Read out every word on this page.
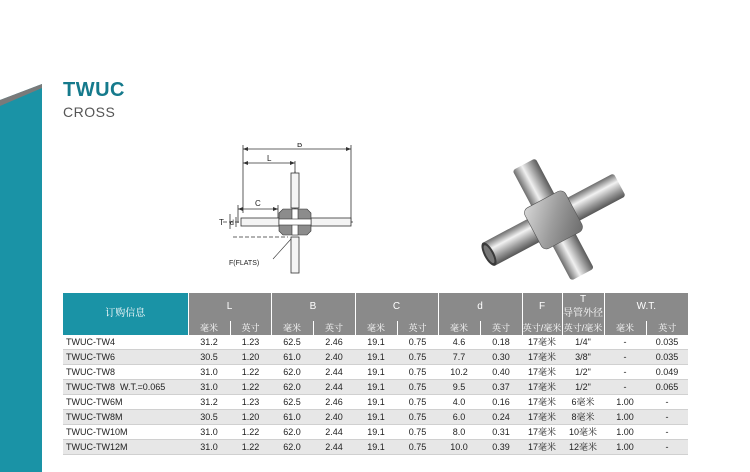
TWUC
CROSS
B
L
C
T d
F(FLATS)
订购信息	L		B		C		d		F	T
导管外径	W.T.	
	毫米	英寸	毫米	英寸	毫米	英寸	毫米	英寸	英寸/毫米	英寸/毫米	毫米	英寸
TWUC-TW4	31.2	1.23	62.5	2.46	19.1	0.75	4.6	0.18	17毫米	1/4"	-	0.035
TWUC-TW6	30.5	1.20	61.0	2.40	19.1	0.75	7.7	0.30	17毫米	3/8"	-	0.035
TWUC-TW8	31.0	1.22	62.0	2.44	19.1	0.75	10.2	0.40	17毫米	1/2"	-	0.049
TWUC-TW8  W.T.=0.065	31.0	1.22	62.0	2.44	19.1	0.75	9.5	0.37	17毫米	1/2"	-	0.065
TWUC-TW6M	31.2	1.23	62.5	2.46	19.1	0.75	4.0	0.16	17毫米	6毫米	1.00	-
TWUC-TW8M	30.5	1.20	61.0	2.40	19.1	0.75	6.0	0.24	17毫米	8毫米	1.00	-
TWUC-TW10M	31.0	1.22	62.0	2.44	19.1	0.75	8.0	0.31	17毫米	10毫米	1.00	-
TWUC-TW12M	31.0	1.22	62.0	2.44	19.1	0.75	10.0	0.39	17毫米	12毫米	1.00	-
